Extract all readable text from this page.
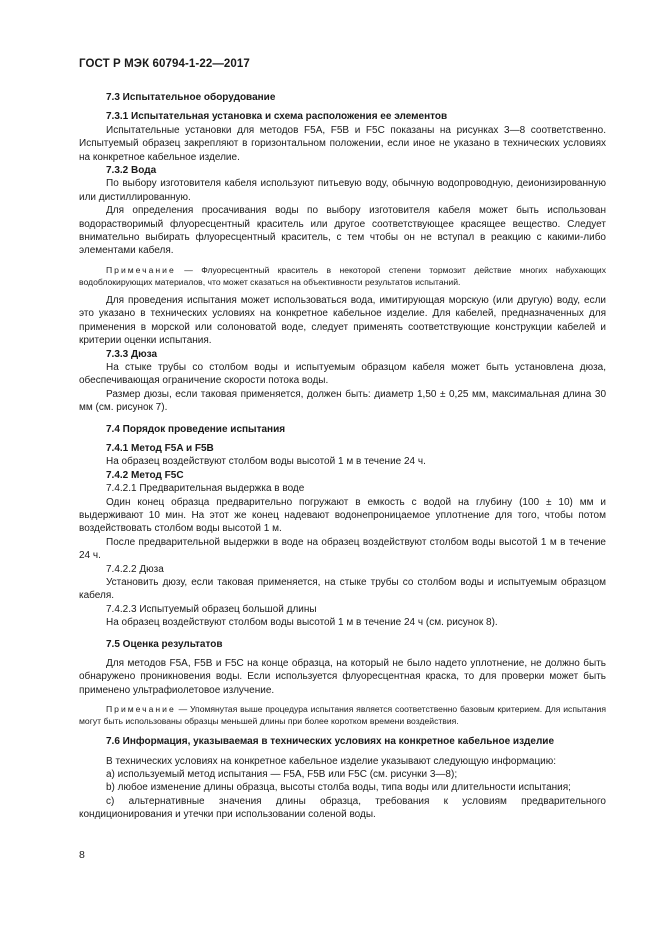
ГОСТ Р МЭК 60794-1-22—2017

7.3 Испытательное оборудование

7.3.1 Испытательная установка и схема расположения ее элементов

Испытательные установки для методов F5A, F5B и F5C показаны на рисунках 3—8 соответственно. Испытуемый образец закрепляют в горизонтальном положении, если иное не указано в технических условиях на конкретное кабельное изделие.

7.3.2 Вода

По выбору изготовителя кабеля используют питьевую воду, обычную водопроводную, деионизированную или дистиллированную.

Для определения просачивания воды по выбору изготовителя кабеля может быть использован водорастворимый флуоресцентный краситель или другое соответствующее красящее вещество. Следует внимательно выбирать флуоресцентный краситель, с тем чтобы он не вступал в реакцию с какими-либо элементами кабеля.

Примечание — Флуоресцентный краситель в некоторой степени тормозит действие многих набухающих водоблокирующих материалов, что может сказаться на объективности результатов испытаний.

Для проведения испытания может использоваться вода, имитирующая морскую (или другую) воду, если это указано в технических условиях на конкретное кабельное изделие. Для кабелей, предназначенных для применения в морской или солоноватой воде, следует применять соответствующие конструкции кабелей и критерии оценки испытания.

7.3.3 Дюза

На стыке трубы со столбом воды и испытуемым образцом кабеля может быть установлена дюза, обеспечивающая ограничение скорости потока воды.

Размер дюзы, если таковая применяется, должен быть: диаметр 1,50 ± 0,25 мм, максимальная длина 30 мм (см. рисунок 7).

7.4 Порядок проведение испытания

7.4.1 Метод F5A и F5B

На образец воздействуют столбом воды высотой 1 м в течение 24 ч.

7.4.2 Метод F5C

7.4.2.1 Предварительная выдержка в воде

Один конец образца предварительно погружают в емкость с водой на глубину (100 ± 10) мм и выдерживают 10 мин. На этот же конец надевают водонепроницаемое уплотнение для того, чтобы потом воздействовать столбом воды высотой 1 м.

После предварительной выдержки в воде на образец воздействуют столбом воды высотой 1 м в течение 24 ч.

7.4.2.2 Дюза

Установить дюзу, если таковая применяется, на стыке трубы со столбом воды и испытуемым образцом кабеля.

7.4.2.3 Испытуемый образец большой длины

На образец воздействуют столбом воды высотой 1 м в течение 24 ч (см. рисунок 8).

7.5 Оценка результатов

Для методов F5A, F5B и F5C на конце образца, на который не было надето уплотнение, не должно быть обнаружено проникновения воды. Если используется флуоресцентная краска, то для проверки может быть применено ультрафиолетовое излучение.

Примечание — Упомянутая выше процедура испытания является соответственно базовым критерием. Для испытания могут быть использованы образцы меньшей длины при более коротком времени воздействия.

7.6 Информация, указываемая в технических условиях на конкретное кабельное изделие

В технических условиях на конкретное кабельное изделие указывают следующую информацию:

а) используемый метод испытания — F5A, F5B или F5C (см. рисунки 3—8);

b) любое изменение длины образца, высоты столба воды, типа воды или длительности испытания;

с) альтернативные значения длины образца, требования к условиям предварительного кондиционирования и утечки при использовании соленой воды.

8
